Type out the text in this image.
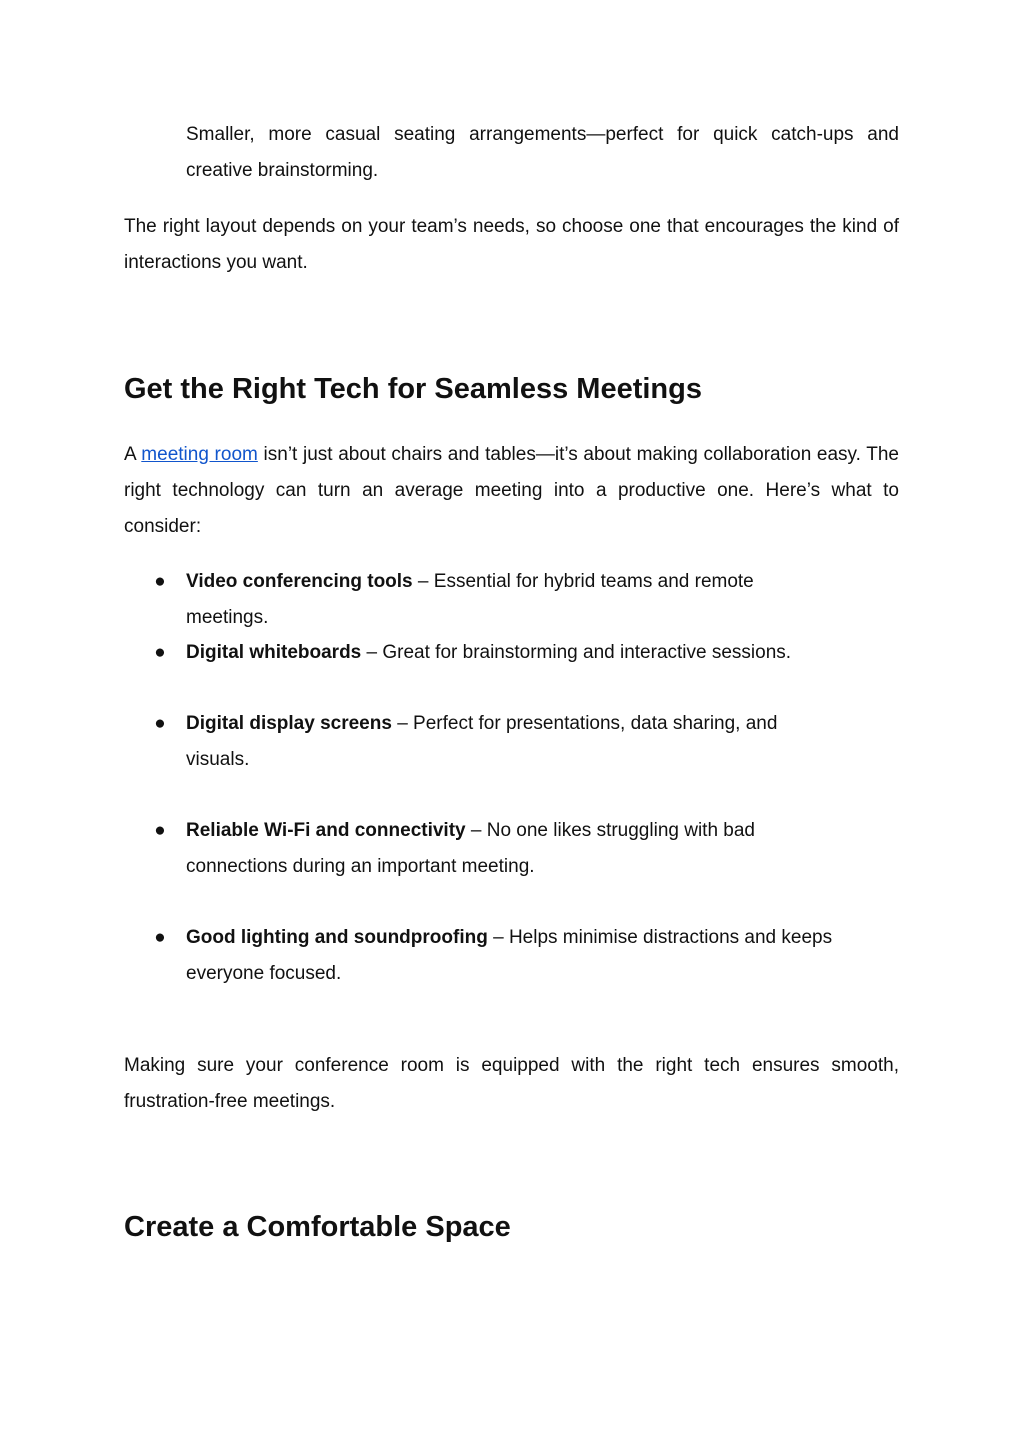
Smaller, more casual seating arrangements—perfect for quick catch-ups and creative brainstorming.

The right layout depends on your team’s needs, so choose one that encourages the kind of interactions you want.

Get the Right Tech for Seamless Meetings

A meeting room isn’t just about chairs and tables—it’s about making collaboration easy. The right technology can turn an average meeting into a productive one. Here’s what to consider:

● Video conferencing tools – Essential for hybrid teams and remote meetings.
● Digital whiteboards – Great for brainstorming and interactive sessions.
● Digital display screens – Perfect for presentations, data sharing, and visuals.
● Reliable Wi-Fi and connectivity – No one likes struggling with bad connections during an important meeting.
● Good lighting and soundproofing – Helps minimise distractions and keeps everyone focused.

Making sure your conference room is equipped with the right tech ensures smooth, frustration-free meetings.

Create a Comfortable Space
